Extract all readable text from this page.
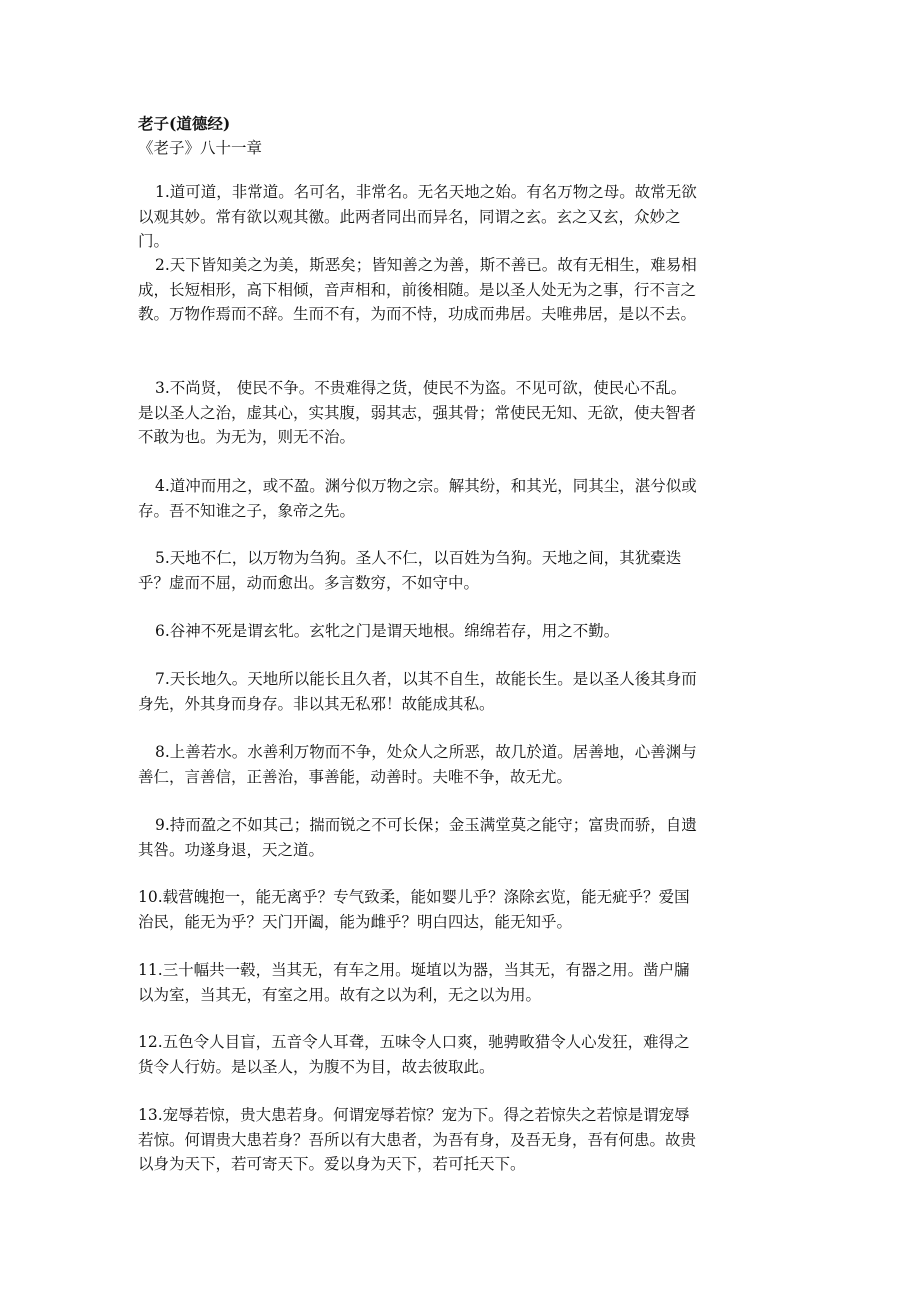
老子(道德经)
《老子》八十一章
1.道可道，非常道。名可名，非常名。无名天地之始。有名万物之母。故常无欲
以观其妙。常有欲以观其徼。此两者同出而异名，同谓之玄。玄之又玄，众妙之
门。
2.天下皆知美之为美，斯恶矣；皆知善之为善，斯不善已。故有无相生，难易相
成，长短相形，高下相倾，音声相和，前後相随。是以圣人处无为之事，行不言之
教。万物作焉而不辞。生而不有，为而不恃，功成而弗居。夫唯弗居，是以不去。
3.不尚贤， 使民不争。不贵难得之货，使民不为盗。不见可欲，使民心不乱。
是以圣人之治，虚其心，实其腹，弱其志，强其骨；常使民无知、无欲，使夫智者
不敢为也。为无为，则无不治。
4.道冲而用之，或不盈。渊兮似万物之宗。解其纷，和其光，同其尘，湛兮似或
存。吾不知谁之子，象帝之先。
5.天地不仁，以万物为刍狗。圣人不仁，以百姓为刍狗。天地之间，其犹橐迭
乎？虚而不屈，动而愈出。多言数穷，不如守中。
6.谷神不死是谓玄牝。玄牝之门是谓天地根。绵绵若存，用之不勤。
7.天长地久。天地所以能长且久者，以其不自生，故能长生。是以圣人後其身而
身先，外其身而身存。非以其无私邪！故能成其私。
8.上善若水。水善利万物而不争，处众人之所恶，故几於道。居善地，心善渊与
善仁，言善信，正善治，事善能，动善时。夫唯不争，故无尤。
9.持而盈之不如其己；揣而锐之不可长保；金玉满堂莫之能守；富贵而骄，自遗
其咎。功遂身退，天之道。
10.载营魄抱一，能无离乎？专气致柔，能如婴儿乎？涤除玄览，能无疵乎？爱国
治民，能无为乎？天门开阖，能为雌乎？明白四达，能无知乎。
11.三十幅共一毂，当其无，有车之用。埏埴以为器，当其无，有器之用。凿户牖
以为室，当其无，有室之用。故有之以为利，无之以为用。
12.五色令人目盲，五音令人耳聋，五味令人口爽，驰骋畋猎令人心发狂，难得之
货令人行妨。是以圣人，为腹不为目，故去彼取此。
13.宠辱若惊，贵大患若身。何谓宠辱若惊？宠为下。得之若惊失之若惊是谓宠辱
若惊。何谓贵大患若身？吾所以有大患者，为吾有身，及吾无身，吾有何患。故贵
以身为天下，若可寄天下。爱以身为天下，若可托天下。
